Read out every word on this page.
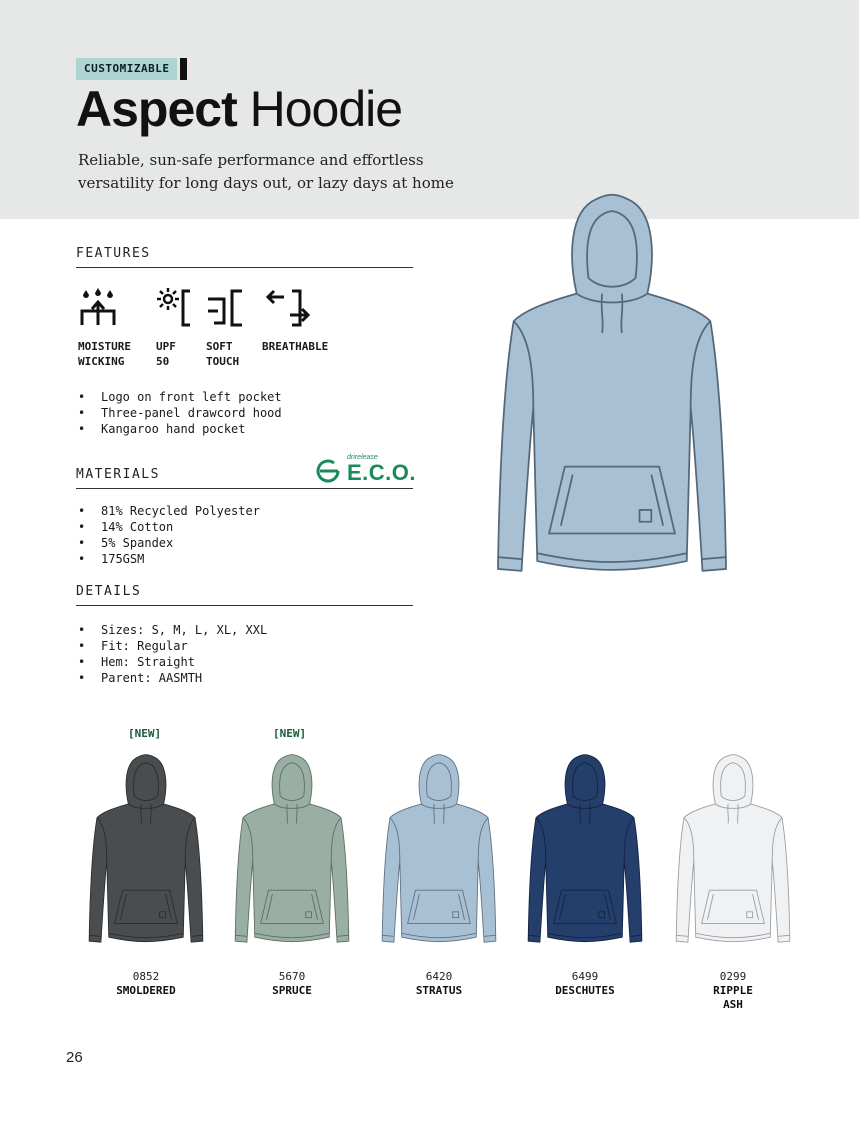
CUSTOMIZABLE
Aspect Hoodie
Reliable, sun-safe performance and effortless versatility for long days out, or lazy days at home
FEATURES
MOISTURE
WICKING
UPF
50
SOFT
TOUCH
BREATHABLE
• Logo on front left pocket
• Three-panel drawcord hood
• Kangaroo hand pocket
MATERIALS
drirelease
E.C.O.
• 81% Recycled Polyester
• 14% Cotton
• 5% Spandex
• 175GSM
DETAILS
• Sizes: S, M, L, XL, XXL
• Fit: Regular
• Hem: Straight
• Parent: AASMTH
[NEW]	[NEW]
0852
SMOLDERED
5670
SPRUCE
6420
STRATUS
6499
DESCHUTES
0299
RIPPLE
ASH
26
